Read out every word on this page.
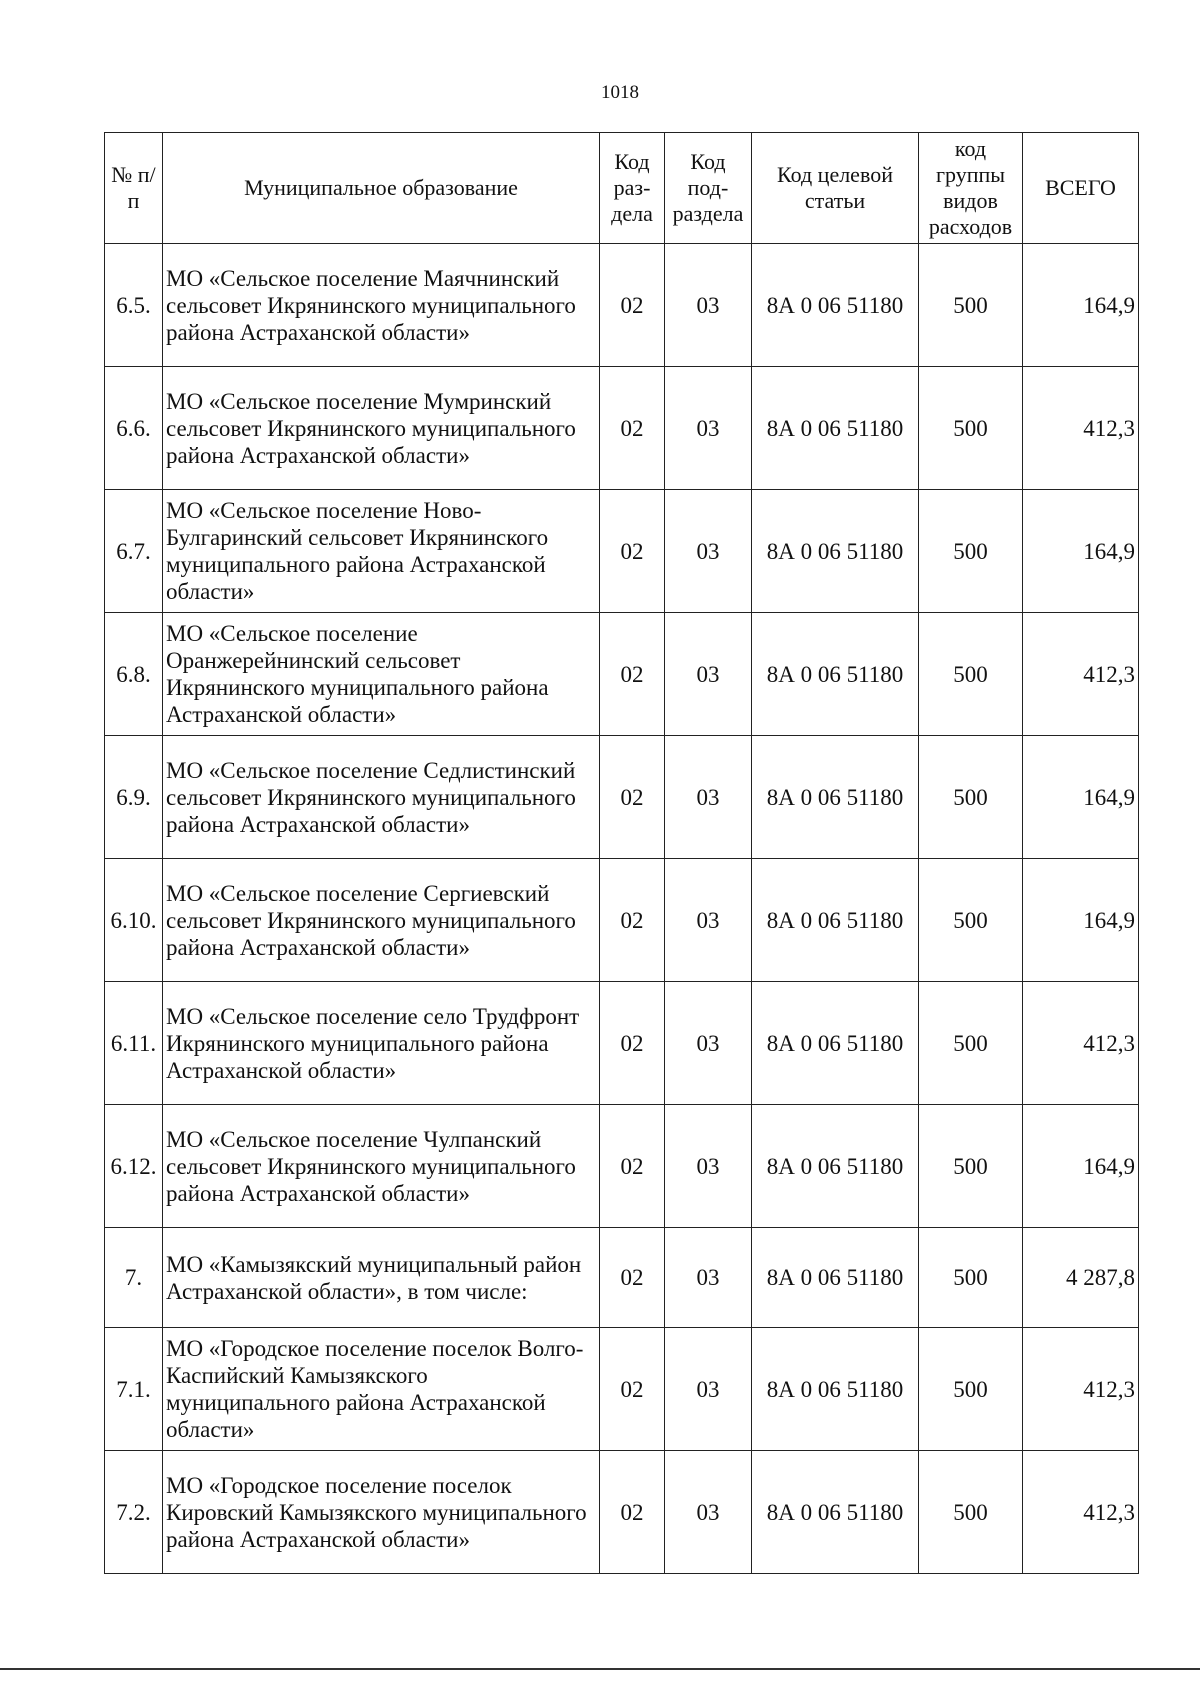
1018
№ п/п	Муниципальное образование	Код раз-дела	Код под-раздела	Код целевой статьи	код группы видов расходов	ВСЕГО
6.5.	МО «Сельское поселение Маячнинский сельсовет Икрянинского муниципального района Астраханской области»	02	03	8А 0 06 51180	500	164,9
6.6.	МО «Сельское поселение Мумринский сельсовет Икрянинского муниципального района Астраханской области»	02	03	8А 0 06 51180	500	412,3
6.7.	МО «Сельское поселение Ново-Булгаринский сельсовет Икрянинского муниципального района Астраханской области»	02	03	8А 0 06 51180	500	164,9
6.8.	МО «Сельское поселение Оранжерейнинский сельсовет Икрянинского муниципального района Астраханской области»	02	03	8А 0 06 51180	500	412,3
6.9.	МО «Сельское поселение Седлистинский сельсовет Икрянинского муниципального района Астраханской области»	02	03	8А 0 06 51180	500	164,9
6.10.	МО «Сельское поселение Сергиевский сельсовет Икрянинского муниципального района Астраханской области»	02	03	8А 0 06 51180	500	164,9
6.11.	МО «Сельское поселение село Трудфронт Икрянинского муниципального района Астраханской области»	02	03	8А 0 06 51180	500	412,3
6.12.	МО «Сельское поселение Чулпанский сельсовет Икрянинского муниципального района Астраханской области»	02	03	8А 0 06 51180	500	164,9
7.	МО «Камызякский муниципальный район Астраханской области», в том числе:	02	03	8А 0 06 51180	500	4 287,8
7.1.	МО «Городское поселение поселок Волго-Каспийский Камызякского муниципального района Астраханской области»	02	03	8А 0 06 51180	500	412,3
7.2.	МО «Городское поселение поселок Кировский Камызякского муниципального района Астраханской области»	02	03	8А 0 06 51180	500	412,3
